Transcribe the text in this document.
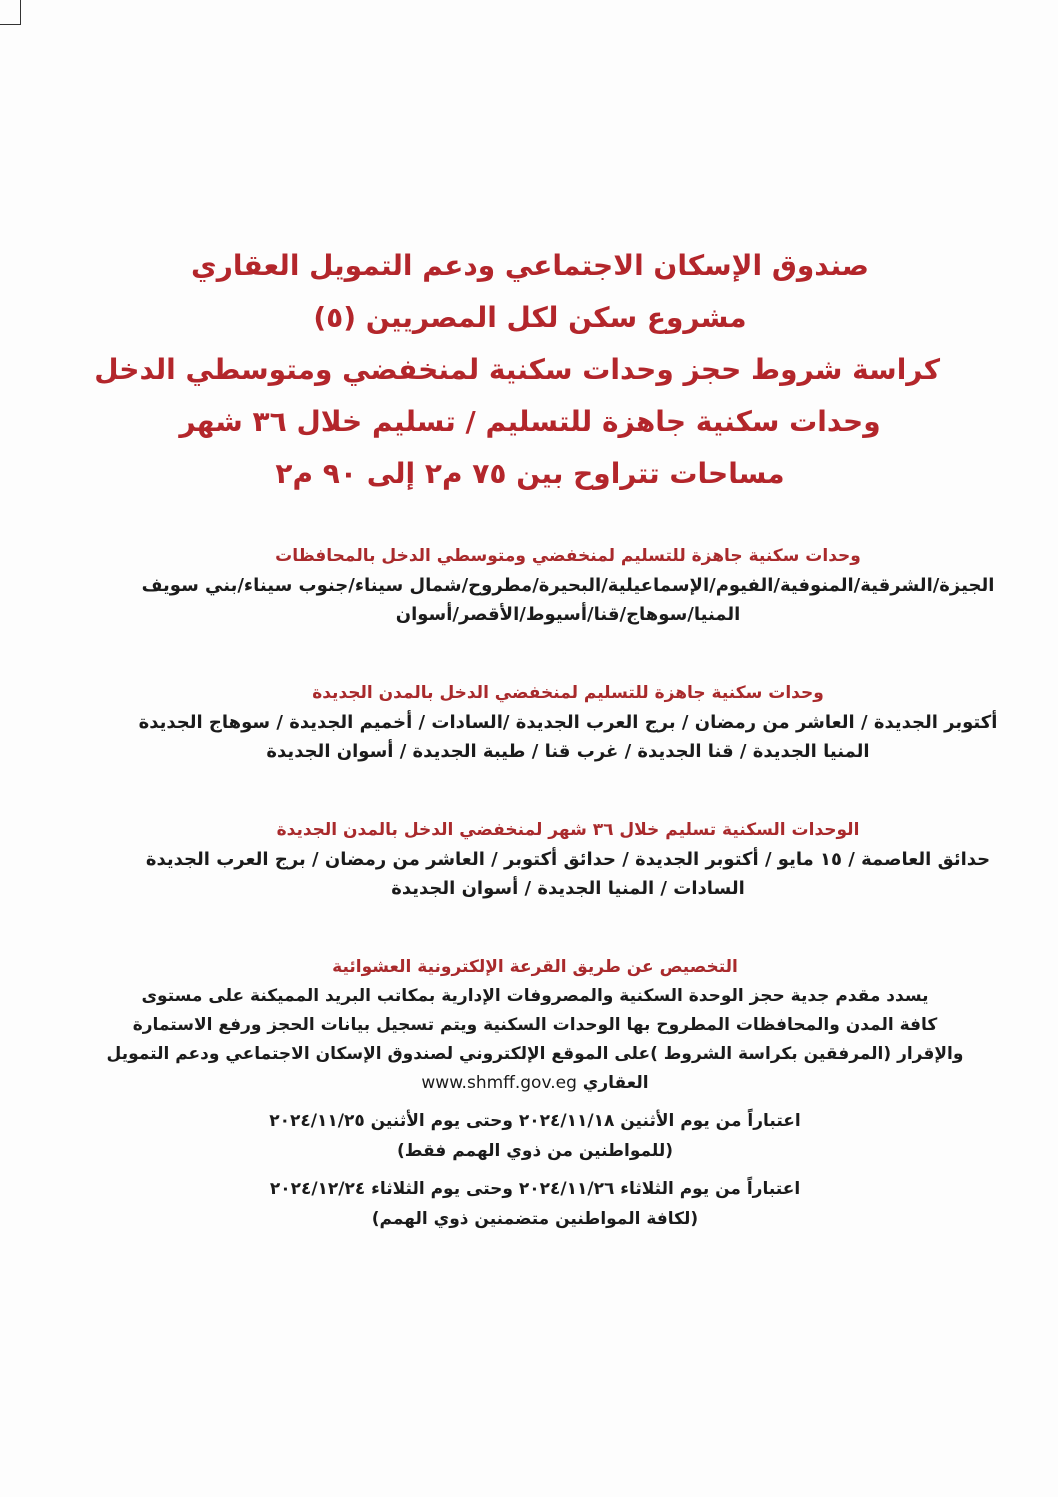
صندوق الإسكان الاجتماعي ودعم التمويل العقاري
مشروع سكن لكل المصريين (٥)
كراسة شروط حجز وحدات سكنية لمنخفضي ومتوسطي الدخل
وحدات سكنية جاهزة للتسليم / تسليم خلال ٣٦ شهر
مساحات تتراوح بين ٧٥ م٢ إلى ٩٠ م٢
وحدات سكنية جاهزة للتسليم لمنخفضي ومتوسطي الدخل بالمحافظات
الجيزة/الشرقية/المنوفية/الفيوم/الإسماعيلية/البحيرة/مطروح/شمال سيناء/جنوب سيناء/بني سويف
المنيا/سوهاج/قنا/أسيوط/الأقصر/أسوان
وحدات سكنية جاهزة للتسليم لمنخفضي الدخل بالمدن الجديدة
أكتوبر الجديدة / العاشر من رمضان / برج العرب الجديدة /السادات / أخميم الجديدة / سوهاج الجديدة
المنيا الجديدة / قنا الجديدة / غرب قنا / طيبة الجديدة / أسوان الجديدة
الوحدات السكنية تسليم خلال ٣٦ شهر لمنخفضي الدخل بالمدن الجديدة
حدائق العاصمة / ١٥ مايو / أكتوبر الجديدة / حدائق أكتوبر / العاشر من رمضان / برج العرب الجديدة
السادات / المنيا الجديدة / أسوان الجديدة
التخصيص عن طريق القرعة الإلكترونية العشوائية
يسدد مقدم جدية حجز الوحدة السكنية والمصروفات الإدارية بمكاتب البريد المميكنة على مستوى
كافة المدن والمحافظات المطروح بها الوحدات السكنية ويتم تسجيل بيانات الحجز ورفع الاستمارة
والإقرار (المرفقين بكراسة الشروط )على الموقع الإلكتروني لصندوق الإسكان الاجتماعي ودعم التمويل
العقاري www.shmff.gov.eg
اعتباراً من يوم الأثنين ٢٠٢٤/١١/١٨ وحتى يوم الأثنين ٢٠٢٤/١١/٢٥
(للمواطنين من ذوي الهمم فقط)
اعتباراً من يوم الثلاثاء ٢٠٢٤/١١/٢٦ وحتى يوم الثلاثاء ٢٠٢٤/١٢/٢٤
(لكافة المواطنين متضمنين ذوي الهمم)
